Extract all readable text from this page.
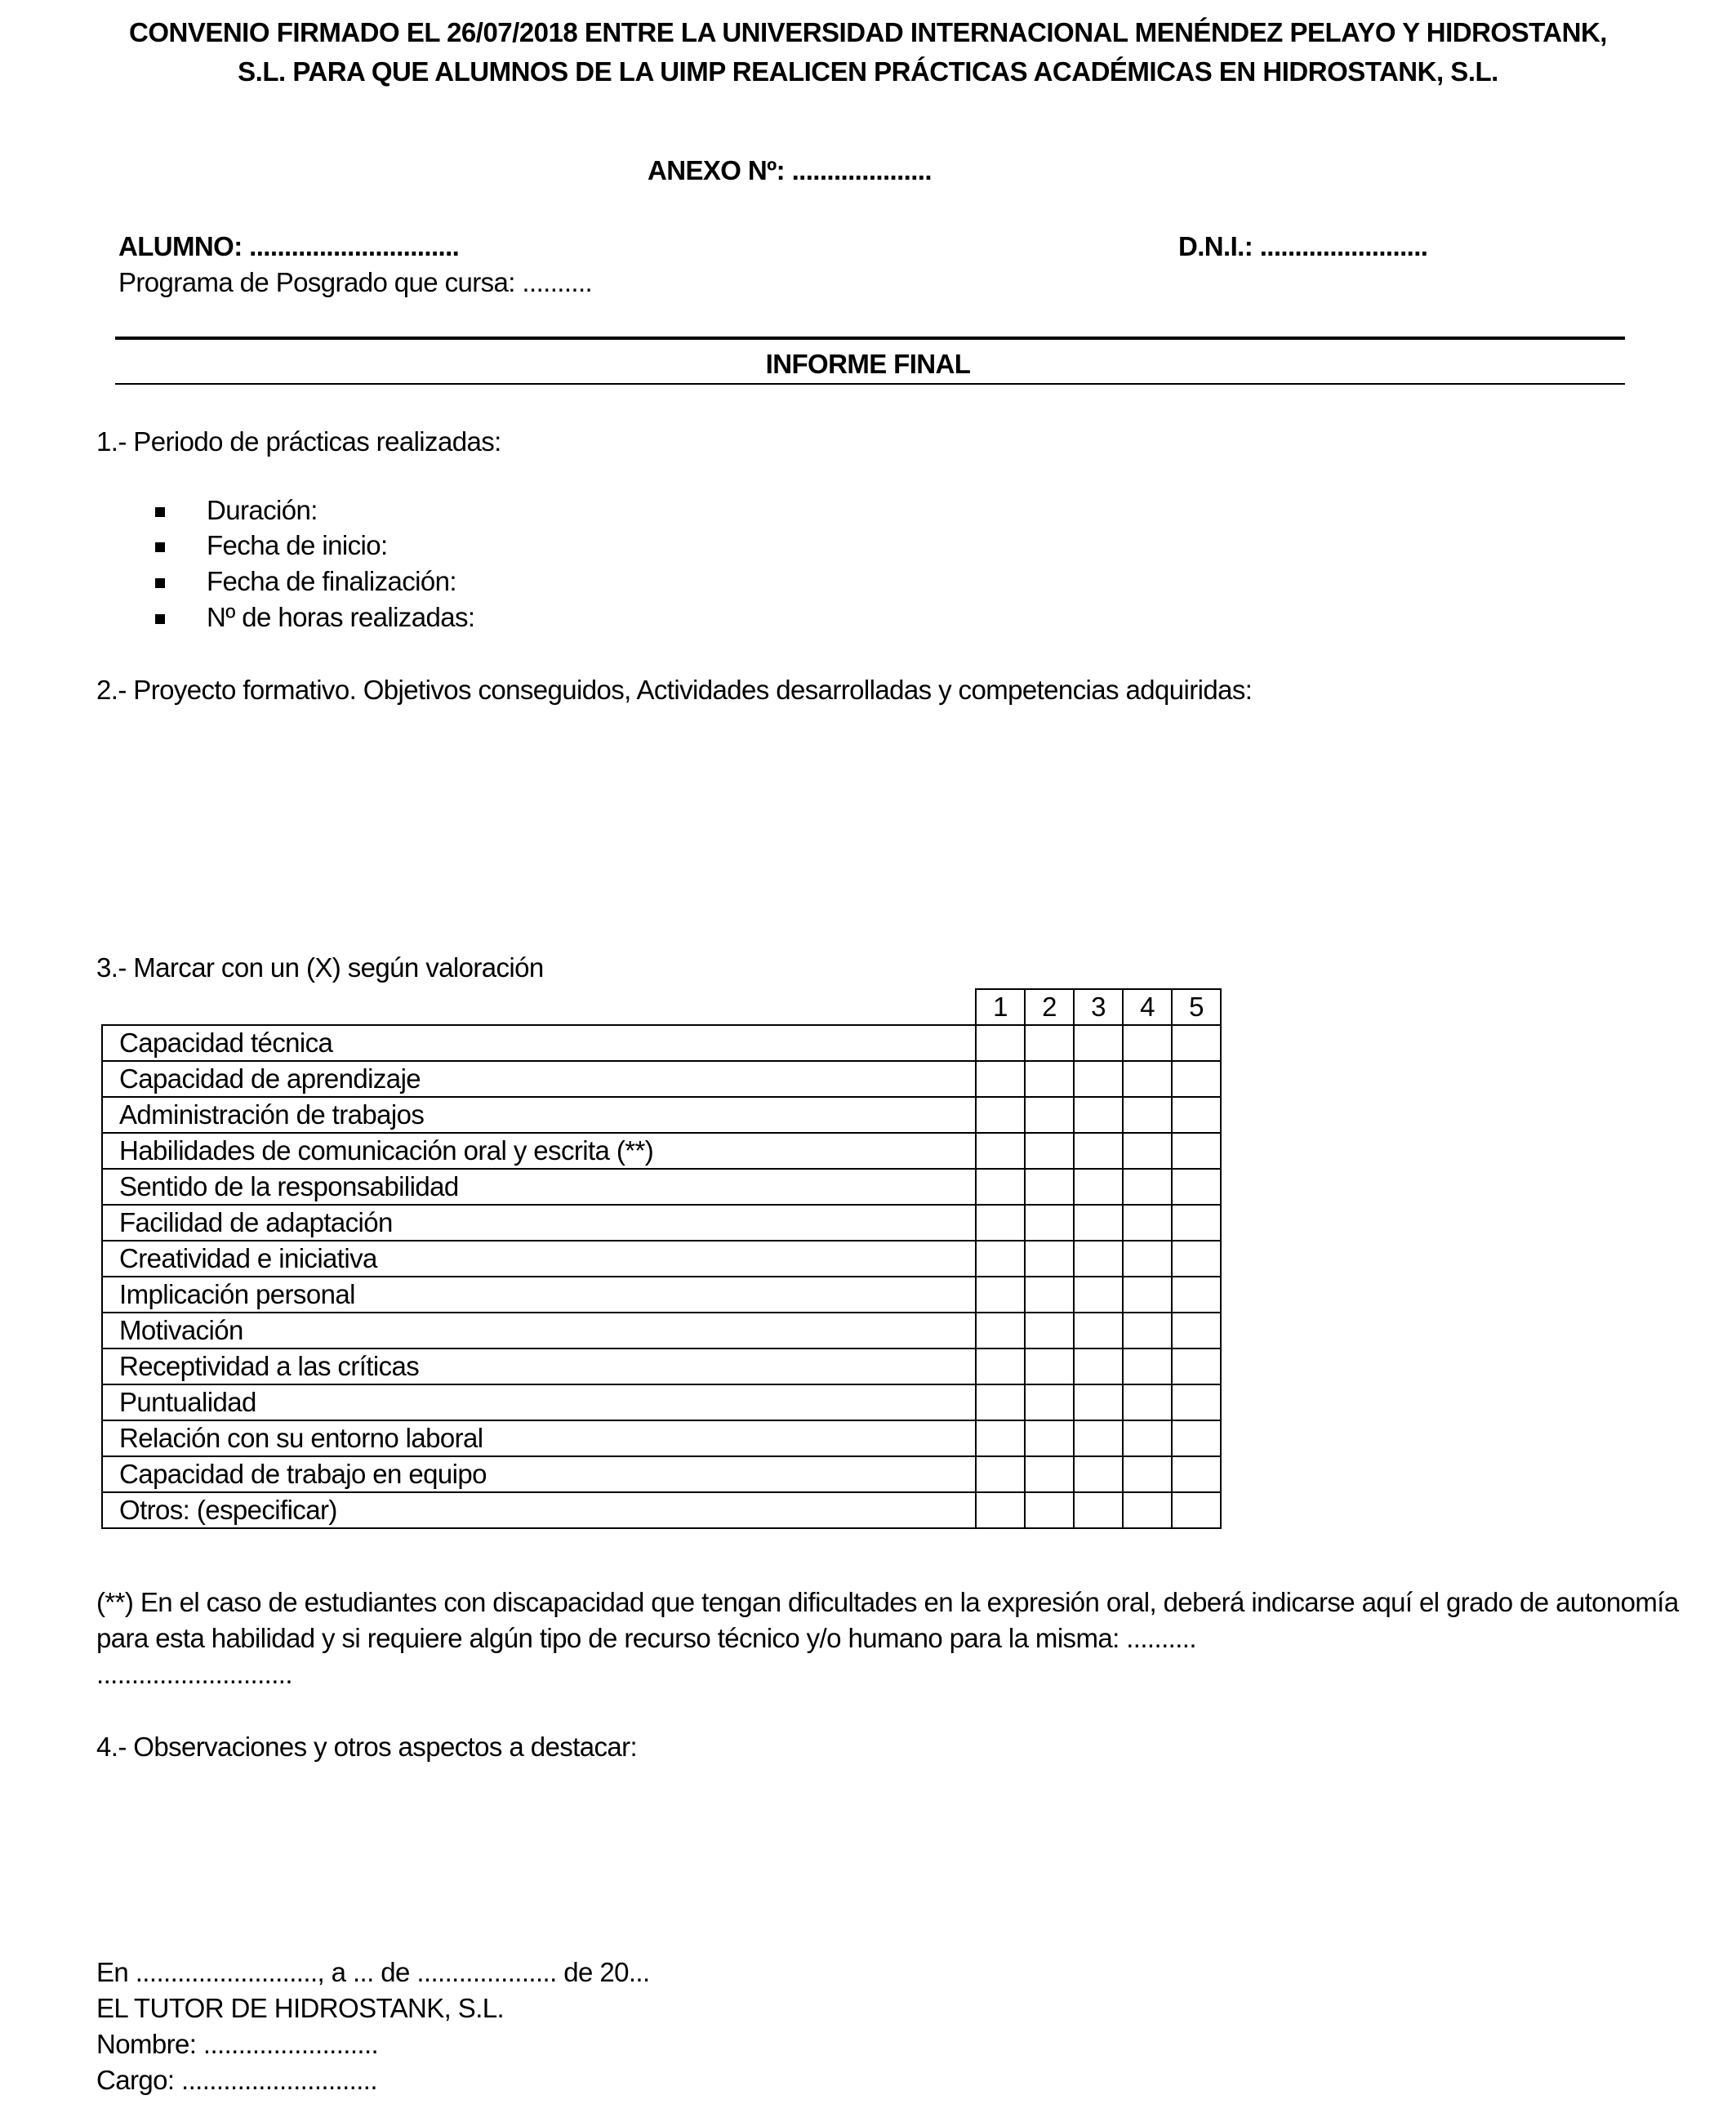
CONVENIO FIRMADO EL 26/07/2018 ENTRE LA UNIVERSIDAD INTERNACIONAL MENÉNDEZ PELAYO Y HIDROSTANK,
S.L. PARA QUE ALUMNOS DE LA UIMP REALICEN PRÁCTICAS ACADÉMICAS EN HIDROSTANK, S.L.
ANEXO Nº: ....................
ALUMNO: ..............................	D.N.I.: ........................
Programa de Posgrado que cursa: ..........
INFORME FINAL
1.- Periodo de prácticas realizadas:
Duración:
Fecha de inicio:
Fecha de finalización:
Nº de horas realizadas:
2.- Proyecto formativo. Objetivos conseguidos, Actividades desarrolladas y competencias adquiridas:
3.- Marcar con un (X) según valoración
	1	2	3	4	5
Capacidad técnica					
Capacidad de aprendizaje					
Administración de trabajos					
Habilidades de comunicación oral y escrita (**)					
Sentido de la responsabilidad					
Facilidad de adaptación					
Creatividad e iniciativa					
Implicación personal					
Motivación					
Receptividad a las críticas					
Puntualidad					
Relación con su entorno laboral					
Capacidad de trabajo en equipo					
Otros: (especificar)					
(**) En el caso de estudiantes con discapacidad que tengan dificultades en la expresión oral, deberá indicarse aquí el grado de autonomía
para esta habilidad y si requiere algún tipo de recurso técnico y/o humano para la misma: ..........
............................
4.- Observaciones y otros aspectos a destacar:
En .........................., a ... de .................... de 20...
EL TUTOR DE HIDROSTANK, S.L.
Nombre: .........................
Cargo: ............................
